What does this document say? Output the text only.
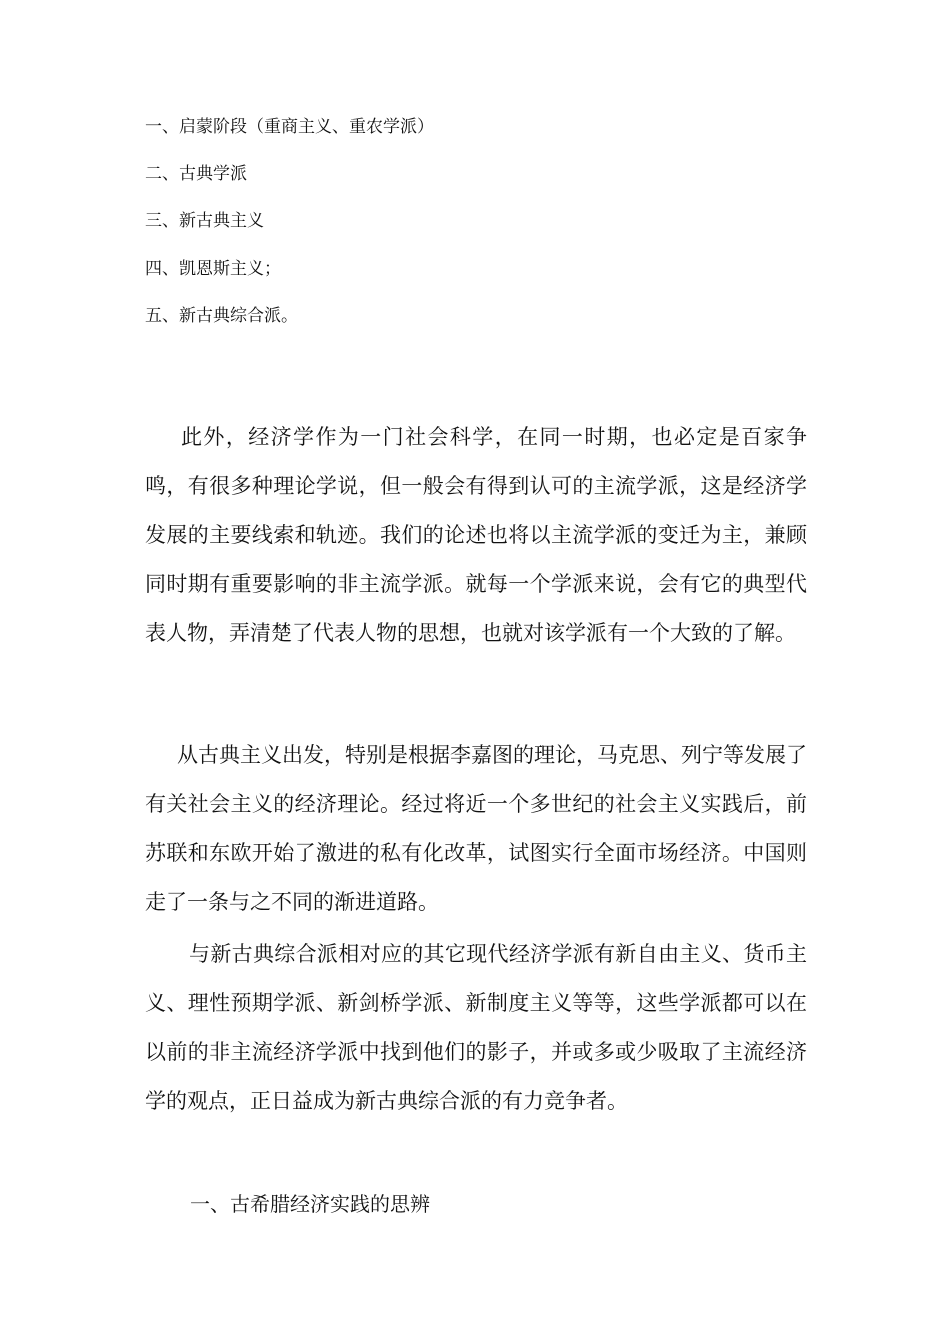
一、启蒙阶段（重商主义、重农学派）
二、古典学派
三、新古典主义
四、凯恩斯主义；
五、新古典综合派。

此外，经济学作为一门社会科学，在同一时期，也必定是百家争鸣，有很多种理论学说，但一般会有得到认可的主流学派，这是经济学发展的主要线索和轨迹。我们的论述也将以主流学派的变迁为主，兼顾同时期有重要影响的非主流学派。就每一个学派来说，会有它的典型代表人物，弄清楚了代表人物的思想，也就对该学派有一个大致的了解。

从古典主义出发，特别是根据李嘉图的理论，马克思、列宁等发展了有关社会主义的经济理论。经过将近一个多世纪的社会主义实践后，前苏联和东欧开始了激进的私有化改革，试图实行全面市场经济。中国则走了一条与之不同的渐进道路。

与新古典综合派相对应的其它现代经济学派有新自由主义、货币主义、理性预期学派、新剑桥学派、新制度主义等等，这些学派都可以在以前的非主流经济学派中找到他们的影子，并或多或少吸取了主流经济学的观点，正日益成为新古典综合派的有力竞争者。

一、古希腊经济实践的思辨
